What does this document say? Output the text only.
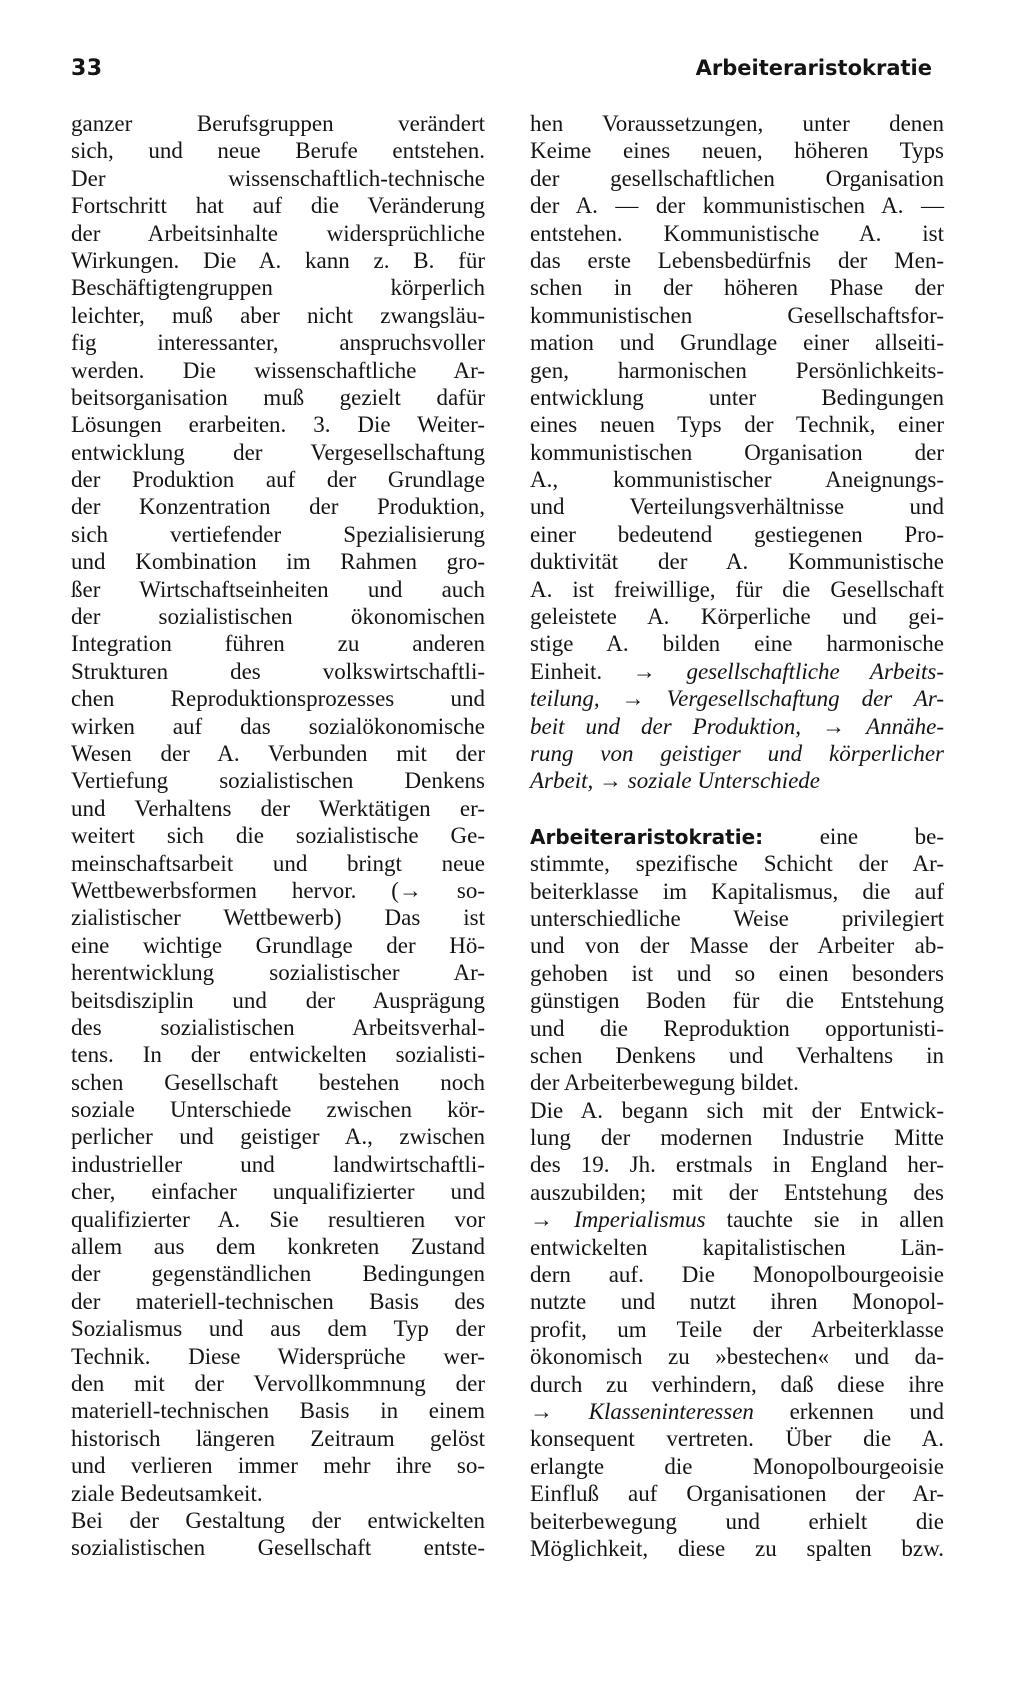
33	Arbeiteraristokratie
ganzer Berufsgruppen verändert
sich, und neue Berufe entstehen.
Der wissenschaftlich-technische
Fortschritt hat auf die Veränderung
der Arbeitsinhalte widersprüchliche
Wirkungen. Die A. kann z. B. für
Beschäftigtengruppen körperlich
leichter, muß aber nicht zwangsläu-
fig interessanter, anspruchsvoller
werden. Die wissenschaftliche Ar-
beitsorganisation muß gezielt dafür
Lösungen erarbeiten. 3. Die Weiter-
entwicklung der Vergesellschaftung
der Produktion auf der Grundlage
der Konzentration der Produktion,
sich vertiefender Spezialisierung
und Kombination im Rahmen gro-
ßer Wirtschaftseinheiten und auch
der sozialistischen ökonomischen
Integration führen zu anderen
Strukturen des volkswirtschaftli-
chen Reproduktionsprozesses und
wirken auf das sozialökonomische
Wesen der A. Verbunden mit der
Vertiefung sozialistischen Denkens
und Verhaltens der Werktätigen er-
weitert sich die sozialistische Ge-
meinschaftsarbeit und bringt neue
Wettbewerbsformen hervor. (→ so-
zialistischer Wettbewerb) Das ist
eine wichtige Grundlage der Hö-
herentwicklung sozialistischer Ar-
beitsdisziplin und der Ausprägung
des sozialistischen Arbeitsverhal-
tens. In der entwickelten sozialisti-
schen Gesellschaft bestehen noch
soziale Unterschiede zwischen kör-
perlicher und geistiger A., zwischen
industrieller und landwirtschaftli-
cher, einfacher unqualifizierter und
qualifizierter A. Sie resultieren vor
allem aus dem konkreten Zustand
der gegenständlichen Bedingungen
der materiell-technischen Basis des
Sozialismus und aus dem Typ der
Technik. Diese Widersprüche wer-
den mit der Vervollkommnung der
materiell-technischen Basis in einem
historisch längeren Zeitraum gelöst
und verlieren immer mehr ihre so-
ziale Bedeutsamkeit.
Bei der Gestaltung der entwickelten
sozialistischen Gesellschaft entste-
hen Voraussetzungen, unter denen
Keime eines neuen, höheren Typs
der gesellschaftlichen Organisation
der A. — der kommunistischen A. —
entstehen. Kommunistische A. ist
das erste Lebensbedürfnis der Men-
schen in der höheren Phase der
kommunistischen Gesellschaftsfor-
mation und Grundlage einer allseiti-
gen, harmonischen Persönlichkeits-
entwicklung unter Bedingungen
eines neuen Typs der Technik, einer
kommunistischen Organisation der
A., kommunistischer Aneignungs-
und Verteilungsverhältnisse und
einer bedeutend gestiegenen Pro-
duktivität der A. Kommunistische
A. ist freiwillige, für die Gesellschaft
geleistete A. Körperliche und gei-
stige A. bilden eine harmonische
Einheit. → gesellschaftliche Arbeits-
teilung, → Vergesellschaftung der Ar-
beit und der Produktion, → Annähe-
rung von geistiger und körperlicher
Arbeit, → soziale Unterschiede
Arbeiteraristokratie: eine be-
stimmte, spezifische Schicht der Ar-
beiterklasse im Kapitalismus, die auf
unterschiedliche Weise privilegiert
und von der Masse der Arbeiter ab-
gehoben ist und so einen besonders
günstigen Boden für die Entstehung
und die Reproduktion opportunisti-
schen Denkens und Verhaltens in
der Arbeiterbewegung bildet.
Die A. begann sich mit der Entwick-
lung der modernen Industrie Mitte
des 19. Jh. erstmals in England her-
auszubilden; mit der Entstehung des
→ Imperialismus tauchte sie in allen
entwickelten kapitalistischen Län-
dern auf. Die Monopolbourgeoisie
nutzte und nutzt ihren Monopol-
profit, um Teile der Arbeiterklasse
ökonomisch zu »bestechen« und da-
durch zu verhindern, daß diese ihre
→ Klasseninteressen erkennen und
konsequent vertreten. Über die A.
erlangte die Monopolbourgeoisie
Einfluß auf Organisationen der Ar-
beiterbewegung und erhielt die
Möglichkeit, diese zu spalten bzw.
